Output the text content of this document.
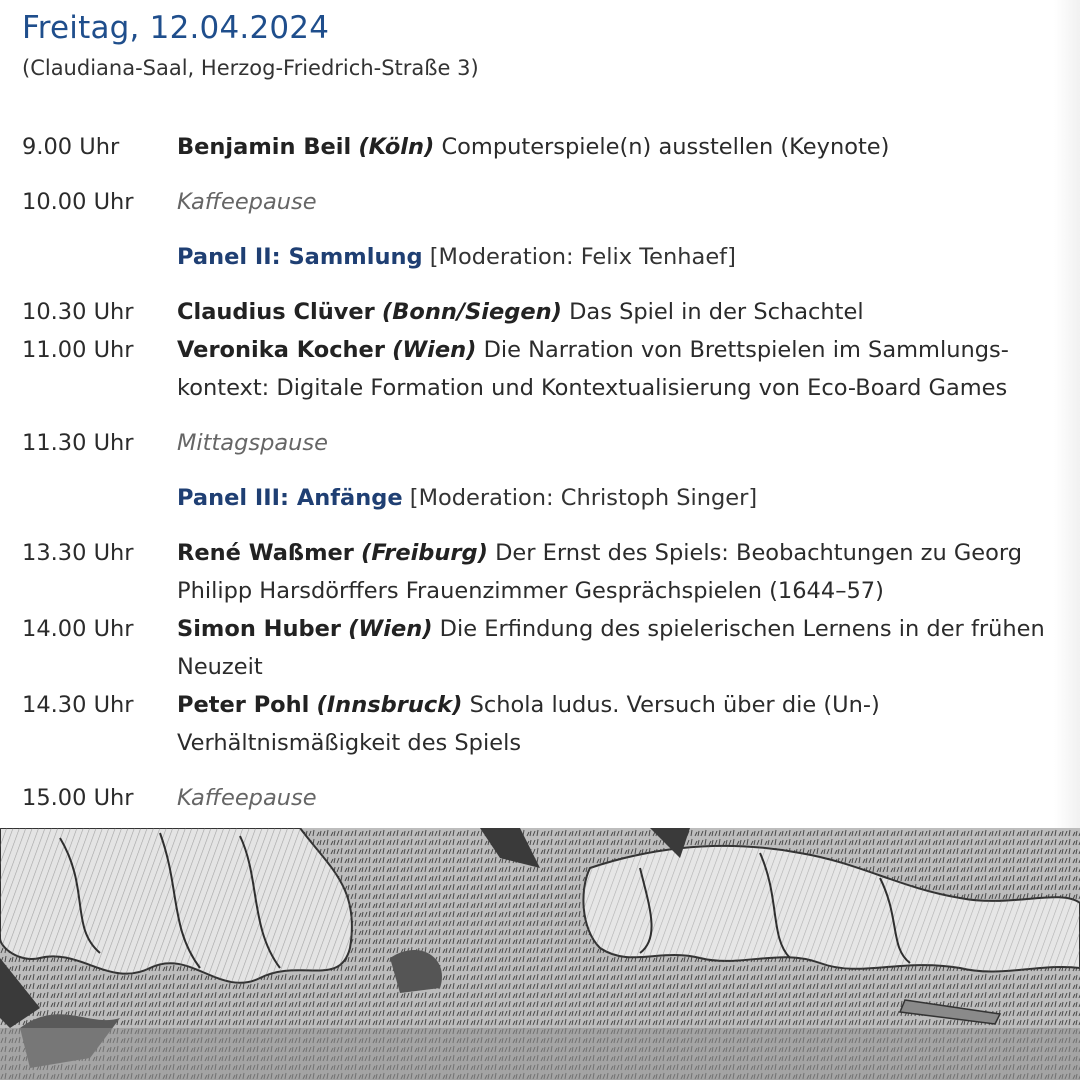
Freitag, 12.04.2024
(Claudiana-Saal, Herzog-Friedrich-Straße 3)
9.00 Uhr	Benjamin Beil (Köln) Computerspiele(n) ausstellen (Keynote)
10.00 Uhr	Kaffeepause
Panel II: Sammlung [Moderation: Felix Tenhaef]
10.30 Uhr	Claudius Clüver (Bonn/Siegen) Das Spiel in der Schachtel
11.00 Uhr	Veronika Kocher (Wien) Die Narration von Brettspielen im Sammlungs-kontext: Digitale Formation und Kontextualisierung von Eco-Board Games
11.30 Uhr	Mittagspause
Panel III: Anfänge [Moderation: Christoph Singer]
13.30 Uhr	René Waßmer (Freiburg) Der Ernst des Spiels: Beobachtungen zu Georg Philipp Harsdörffers Frauenzimmer Gesprächspielen (1644–57)
14.00 Uhr	Simon Huber (Wien) Die Erfindung des spielerischen Lernens in der frühen Neuzeit
14.30 Uhr	Peter Pohl (Innsbruck) Schola ludus. Versuch über die (Un-) Verhältnismäßigkeit des Spiels
15.00 Uhr	Kaffeepause
